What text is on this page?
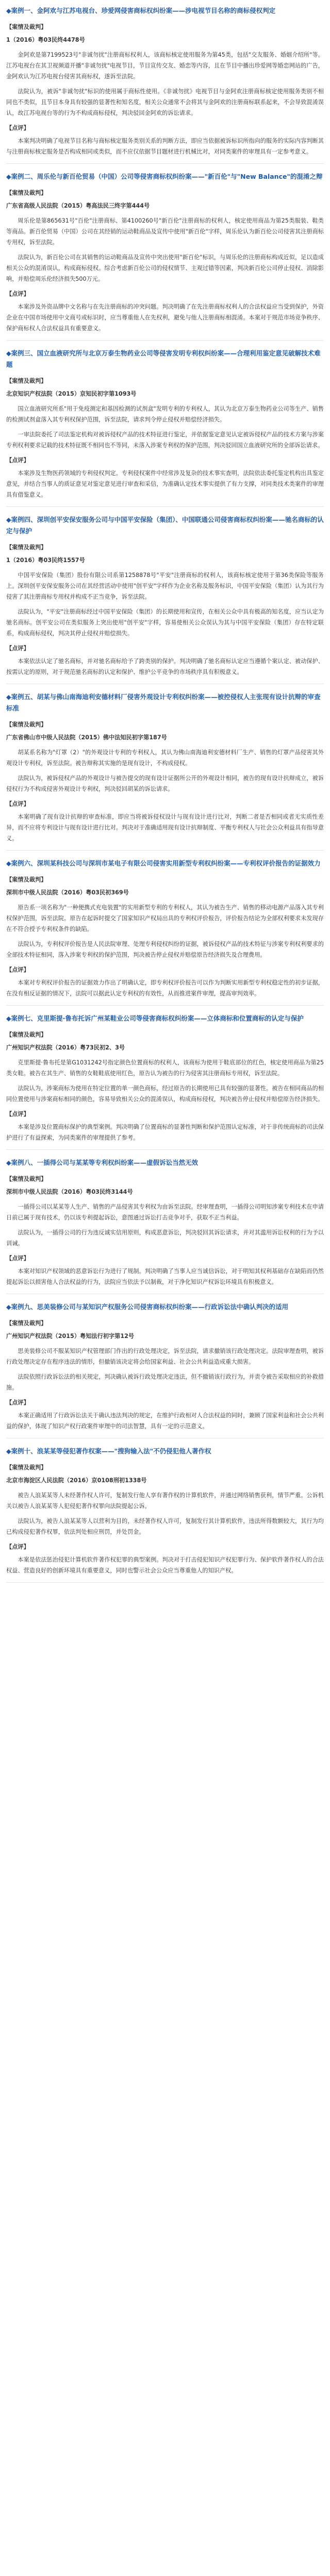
◆案例一、金阿欢与江苏电视台、珍爱网侵害商标权纠纷案——涉电视节目名称的商标侵权判定
【案情及裁判】
1（2016）粤03民终4478号

金阿欢是第7199523号"非诚勿扰"注册商标权利人，该商标核定使用服务为第45类，包括"交友服务、婚姻介绍所"等。江苏电视台在其卫视频道开播"非诚勿扰"电视节目，节目宣传交友、婚恋等内容，且在节目中播出珍爱网等婚恋网站的广告，金阿欢认为江苏电视台侵害其商标权，遂诉至法院。

法院认为，被诉"非诚勿扰"标识的使用属于商标性使用。《非诚勿扰》电视节目与金阿欢注册商标核定使用服务类别不相同也不类似，且节目本身具有较强的显著性和知名度，相关公众通常不会将其与金阿欢的注册商标联系起来，不会导致混淆误认，故江苏电视台等的行为不构成商标侵权，判决驳回金阿欢的诉讼请求。

【点评】

本案判决明确了电视节目名称与商标核定服务类别关系的判断方法，即应当依据被诉标识所指向的服务的实际内容判断其与注册商标核定服务是否构成相同或类似，而不应仅依据节目题材进行机械比对，对同类案件的审理具有一定参考意义。

◆案例二、周乐伦与新百伦贸易（中国）公司等侵害商标权纠纷案——"新百伦"与"New Balance"的混淆之辩
【案情及裁判】
广东省高级人民法院（2015）粤高法民三终字第444号

周乐伦是第865631号"百伦"注册商标、第4100260号"新百伦"注册商标的权利人，核定使用商品为第25类服装、鞋类等商品。新百伦贸易（中国）公司在其经销的运动鞋商品及宣传中使用"新百伦"字样，周乐伦认为新百伦公司侵害其注册商标专用权，诉至法院。

法院认为，新百伦公司在其销售的运动鞋商品及宣传中突出使用"新百伦"标识，与周乐伦的注册商标构成近似，足以造成相关公众的混淆误认，构成商标侵权。综合考虑新百伦公司的侵权情节、主观过错等因素，判决新百伦公司停止侵权、消除影响，并赔偿周乐伦经济损失500万元。

【点评】

本案涉及外资品牌中文名称与在先注册商标的冲突问题。判决明确了在先注册商标权利人的合法权益应当受到保护，外资企业在中国市场使用中文商号或标识时，应当尊重他人在先权利，避免与他人注册商标相混淆。本案对于规范市场竞争秩序、保护商标权人合法权益具有重要意义。

◆案例三、国立血液研究所与北京万泰生物药业公司等侵害发明专利权纠纷案——合理利用鉴定意见破解技术难题
【案情及裁判】
北京知识产权法院（2015）京知民初字第1093号

国立血液研究所系"用于免疫测定和基因检测的试剂盒"发明专利的专利权人，其认为北京万泰生物药业公司等生产、销售的检测试剂盒落入其专利权保护范围，诉至法院，请求判令停止侵权并赔偿经济损失。

一审法院委托了司法鉴定机构对被诉侵权产品的技术特征进行鉴定，并依据鉴定意见认定被诉侵权产品的技术方案与涉案专利权利要求记载的技术特征既不相同也不等同，未落入涉案专利权的保护范围，判决驳回国立血液研究所的全部诉讼请求。

【点评】

本案涉及生物医药领域的专利侵权判定。专利侵权案件中经常涉及复杂的技术事实查明，法院依法委托鉴定机构出具鉴定意见，并结合当事人的质证意见对鉴定意见进行审查和采信，为准确认定技术事实提供了有力支撑，对同类技术类案件的审理具有借鉴意义。

◆案例四、深圳创平安保安服务公司与中国平安保险（集团）、中国联通公司侵害商标权纠纷案——驰名商标的认定与保护
【案情及裁判】
1（2016）粤03民终1557号

中国平安保险（集团）股份有限公司系第1258878号"平安"注册商标的权利人，该商标核定使用于第36类保险等服务上。深圳创平安保安服务公司在其经营活动中使用"创平安"字样作为企业名称及服务标识，中国平安保险（集团）认为其行为侵害了其注册商标专用权并构成不正当竞争，诉至法院。

法院认为，"平安"注册商标经过中国平安保险（集团）的长期使用和宣传，在相关公众中具有极高的知名度，应当认定为驰名商标。创平安公司在类似服务上突出使用"创平安"字样，容易使相关公众误认为其与中国平安保险（集团）存在特定联系，构成商标侵权，判决其停止侵权并赔偿损失。

【点评】

本案依法认定了驰名商标，并对驰名商标给予了跨类别的保护。判决明确了驰名商标认定应当遵循个案认定、被动保护、按需认定的原则，对于规范驰名商标的认定和保护、维护公平竞争的市场秩序具有积极意义。

◆案例五、胡某与佛山南海迪利安德材料厂侵害外观设计专利权纠纷案——被控侵权人主张现有设计抗辩的审查标准
【案情及裁判】
广东省佛山市中级人民法院（2015）佛中法知民初字第187号

胡某系名称为"灯罩（2）"的外观设计专利的专利权人，其认为佛山南海迪利安德材料厂生产、销售的灯罩产品侵害其外观设计专利权，诉至法院。被告辩称其实施的是现有设计，不构成侵权。

法院认为，被诉侵权产品的外观设计与被告提交的现有设计证据所公开的外观设计相同，被告的现有设计抗辩成立，被诉侵权行为不构成侵害外观设计专利权，判决驳回胡某的诉讼请求。

【点评】

本案明确了现有设计抗辩的审查标准，即应当将被诉侵权设计与现有设计进行比对，判断二者是否相同或者无实质性差异，而不应将专利设计与现有设计进行比对。判决对于准确适用现有设计抗辩制度、平衡专利权人与社会公众利益具有指导意义。

◆案例六、深圳某科技公司与深圳市某电子有限公司侵害实用新型专利权纠纷案——专利权评价报告的证据效力
【案情及裁判】
深圳市中级人民法院（2016）粤03民初369号

原告系一项名称为"一种便携式充电装置"的实用新型专利的专利权人，其认为被告生产、销售的移动电源产品落入其专利权保护范围，诉至法院。原告在起诉时提交了国家知识产权局出具的专利权评价报告，评价报告结论为全部权利要求未发现存在不符合授予专利权条件的缺陷。

法院认为，专利权评价报告是人民法院审理、处理专利侵权纠纷的证据，被诉侵权产品的技术特征与涉案专利权利要求的全部技术特征相同，落入涉案专利权的保护范围，判决被告停止侵权并赔偿原告经济损失及合理费用。

【点评】

本案对专利权评价报告的证据效力作出了明确认定，即专利权评价报告可以作为判断实用新型专利权稳定性的初步证据，在没有相反证据的情况下，法院可以据此认定专利权的有效性，从而推进案件审理，提高审判效率。

◆案例七、克里斯提·鲁布托诉广州某鞋业公司等侵害商标权纠纷案——立体商标和位置商标的认定与保护
【案情及裁判】
广州知识产权法院（2016）粤73民初2、3号

克里斯提·鲁布托是第G1031242号指定颜色位置商标的权利人，该商标为使用于鞋底部位的红色，核定使用商品为第25类女鞋。被告在其生产、销售的女鞋鞋底使用红色，原告认为被告的行为侵害其注册商标专用权，诉至法院。

法院认为，涉案商标为使用在特定位置的单一颜色商标，经过原告的长期使用已具有较强的显著性。被告在相同商品的相同位置使用与涉案商标相同的颜色，容易导致相关公众的混淆误认，构成商标侵权，判决被告停止侵权并赔偿原告经济损失。

【点评】

本案是涉及位置商标保护的典型案例。判决明确了位置商标的显著性判断和保护范围认定标准，对于非传统商标的司法保护进行了有益探索，为同类案件的审理提供了参考。

◆案例八、一插得公司与某某等专利权纠纷案——虚假诉讼当然无效
【案情及裁判】
深圳市中级人民法院（2016）粤03民终3144号

一插得公司以某某等人生产、销售的产品侵害其专利权为由诉至法院。经审理查明，一插得公司明知涉案专利技术在申请日前已属于现有技术，仍以该专利提起诉讼，意图通过诉讼打击竞争对手，获取不正当利益。

法院认为，一插得公司的行为违反诚实信用原则，构成恶意诉讼，判决驳回其诉讼请求，并对其滥用诉讼权利的行为予以训诫。

【点评】

本案对知识产权领域的恶意诉讼行为进行了规制。判决明确了当事人应当诚信诉讼，对于明知其权利基础存在缺陷而仍然提起诉讼以损害他人合法权益的行为，法院应当依法予以制裁，对于净化知识产权诉讼环境具有积极意义。

◆案例九、思美装修公司与某知识产权服务公司侵害商标权纠纷案——行政诉讼法中确认判决的适用
【案情及裁判】
广州知识产权法院（2015）粤知法行初字第12号

思美装修公司不服某知识产权管理部门作出的行政处理决定，诉至法院，请求撤销该行政处理决定。法院审理查明，被诉行政处理决定存在程序违法的情形，但撤销该决定将会给国家利益、社会公共利益造成重大损害。

法院依照行政诉讼法的相关规定，判决确认被诉行政处理决定违法，但不撤销该行政行为，并责令被告采取相应的补救措施。

【点评】

本案正确适用了行政诉讼法关于确认违法判决的规定，在维护行政相对人合法权益的同时，兼顾了国家利益和社会公共利益的保护，体现了知识产权行政案件审理中的司法智慧，具有一定的示范意义。

◆案例十、浪某某等侵犯著作权案——"搜狗输入法"不仍侵犯他人著作权
【案情及裁判】
北京市海淀区人民法院（2016）京0108刑初1338号

被告人浪某某等人未经著作权人许可，复制发行他人享有著作权的计算机软件，并通过网络销售获利，情节严重。公诉机关以被告人浪某某等人犯侵犯著作权罪向法院提起公诉。

法院认为，被告人浪某某等人以营利为目的，未经著作权人许可，复制发行其计算机软件，违法所得数额较大，其行为均已构成侵犯著作权罪，依法判处相应刑罚，并处罚金。

【点评】

本案是依法惩治侵犯计算机软件著作权犯罪的典型案例。判决对于打击侵犯知识产权犯罪行为、保护软件著作权人的合法权益、营造良好的创新环境具有重要意义，同时也警示社会公众应当尊重他人的知识产权。
